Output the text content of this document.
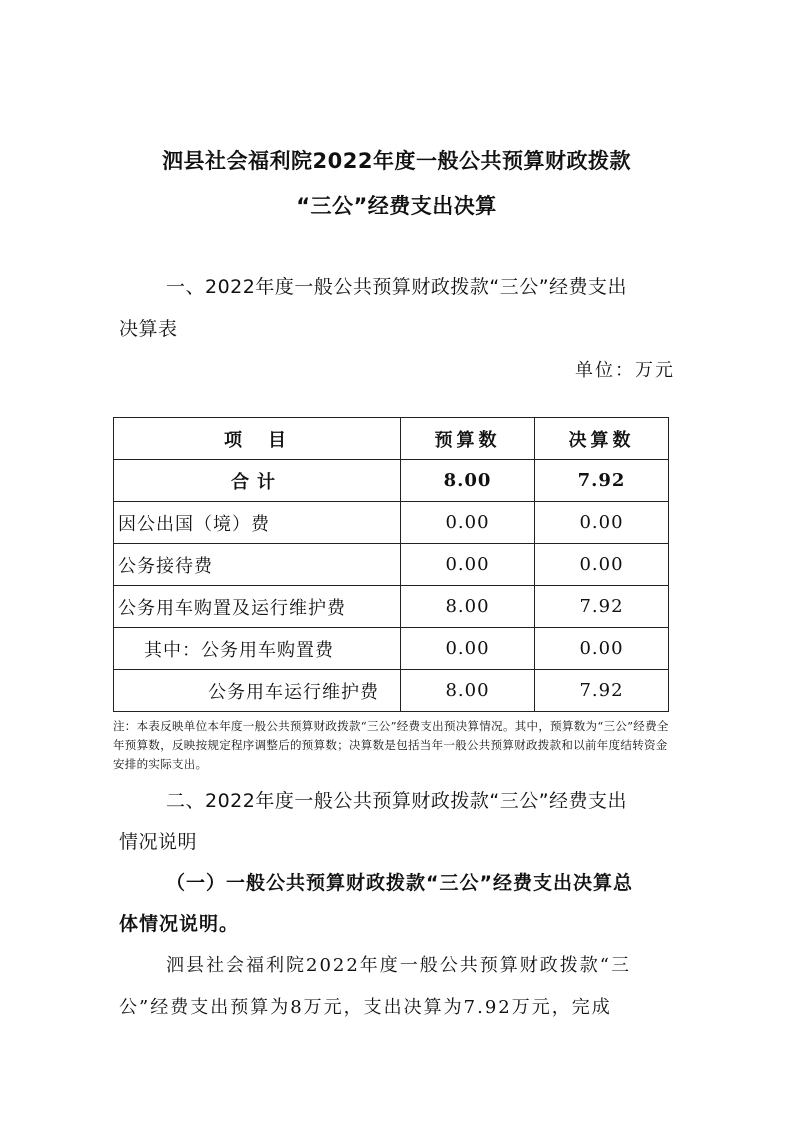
泗县社会福利院2022年度一般公共预算财政拨款
“三公”经费支出决算
一、2022年度一般公共预算财政拨款“三公”经费支出
决算表
单位：万元
项　目	预算数	决算数
合计	8.00	7.92
因公出国（境）费	0.00	0.00
公务接待费	0.00	0.00
公务用车购置及运行维护费	8.00	7.92
其中：公务用车购置费	0.00	0.00
公务用车运行维护费	8.00	7.92
注：本表反映单位本年度一般公共预算财政拨款“三公”经费支出预决算情况。其中，预算数为“三公”经费全年预算数，反映按规定程序调整后的预算数；决算数是包括当年一般公共预算财政拨款和以前年度结转资金安排的实际支出。
二、2022年度一般公共预算财政拨款“三公”经费支出
情况说明
（一）一般公共预算财政拨款“三公”经费支出决算总
体情况说明。
泗县社会福利院2022年度一般公共预算财政拨款“三
公”经费支出预算为8万元，支出决算为7.92万元，完成
